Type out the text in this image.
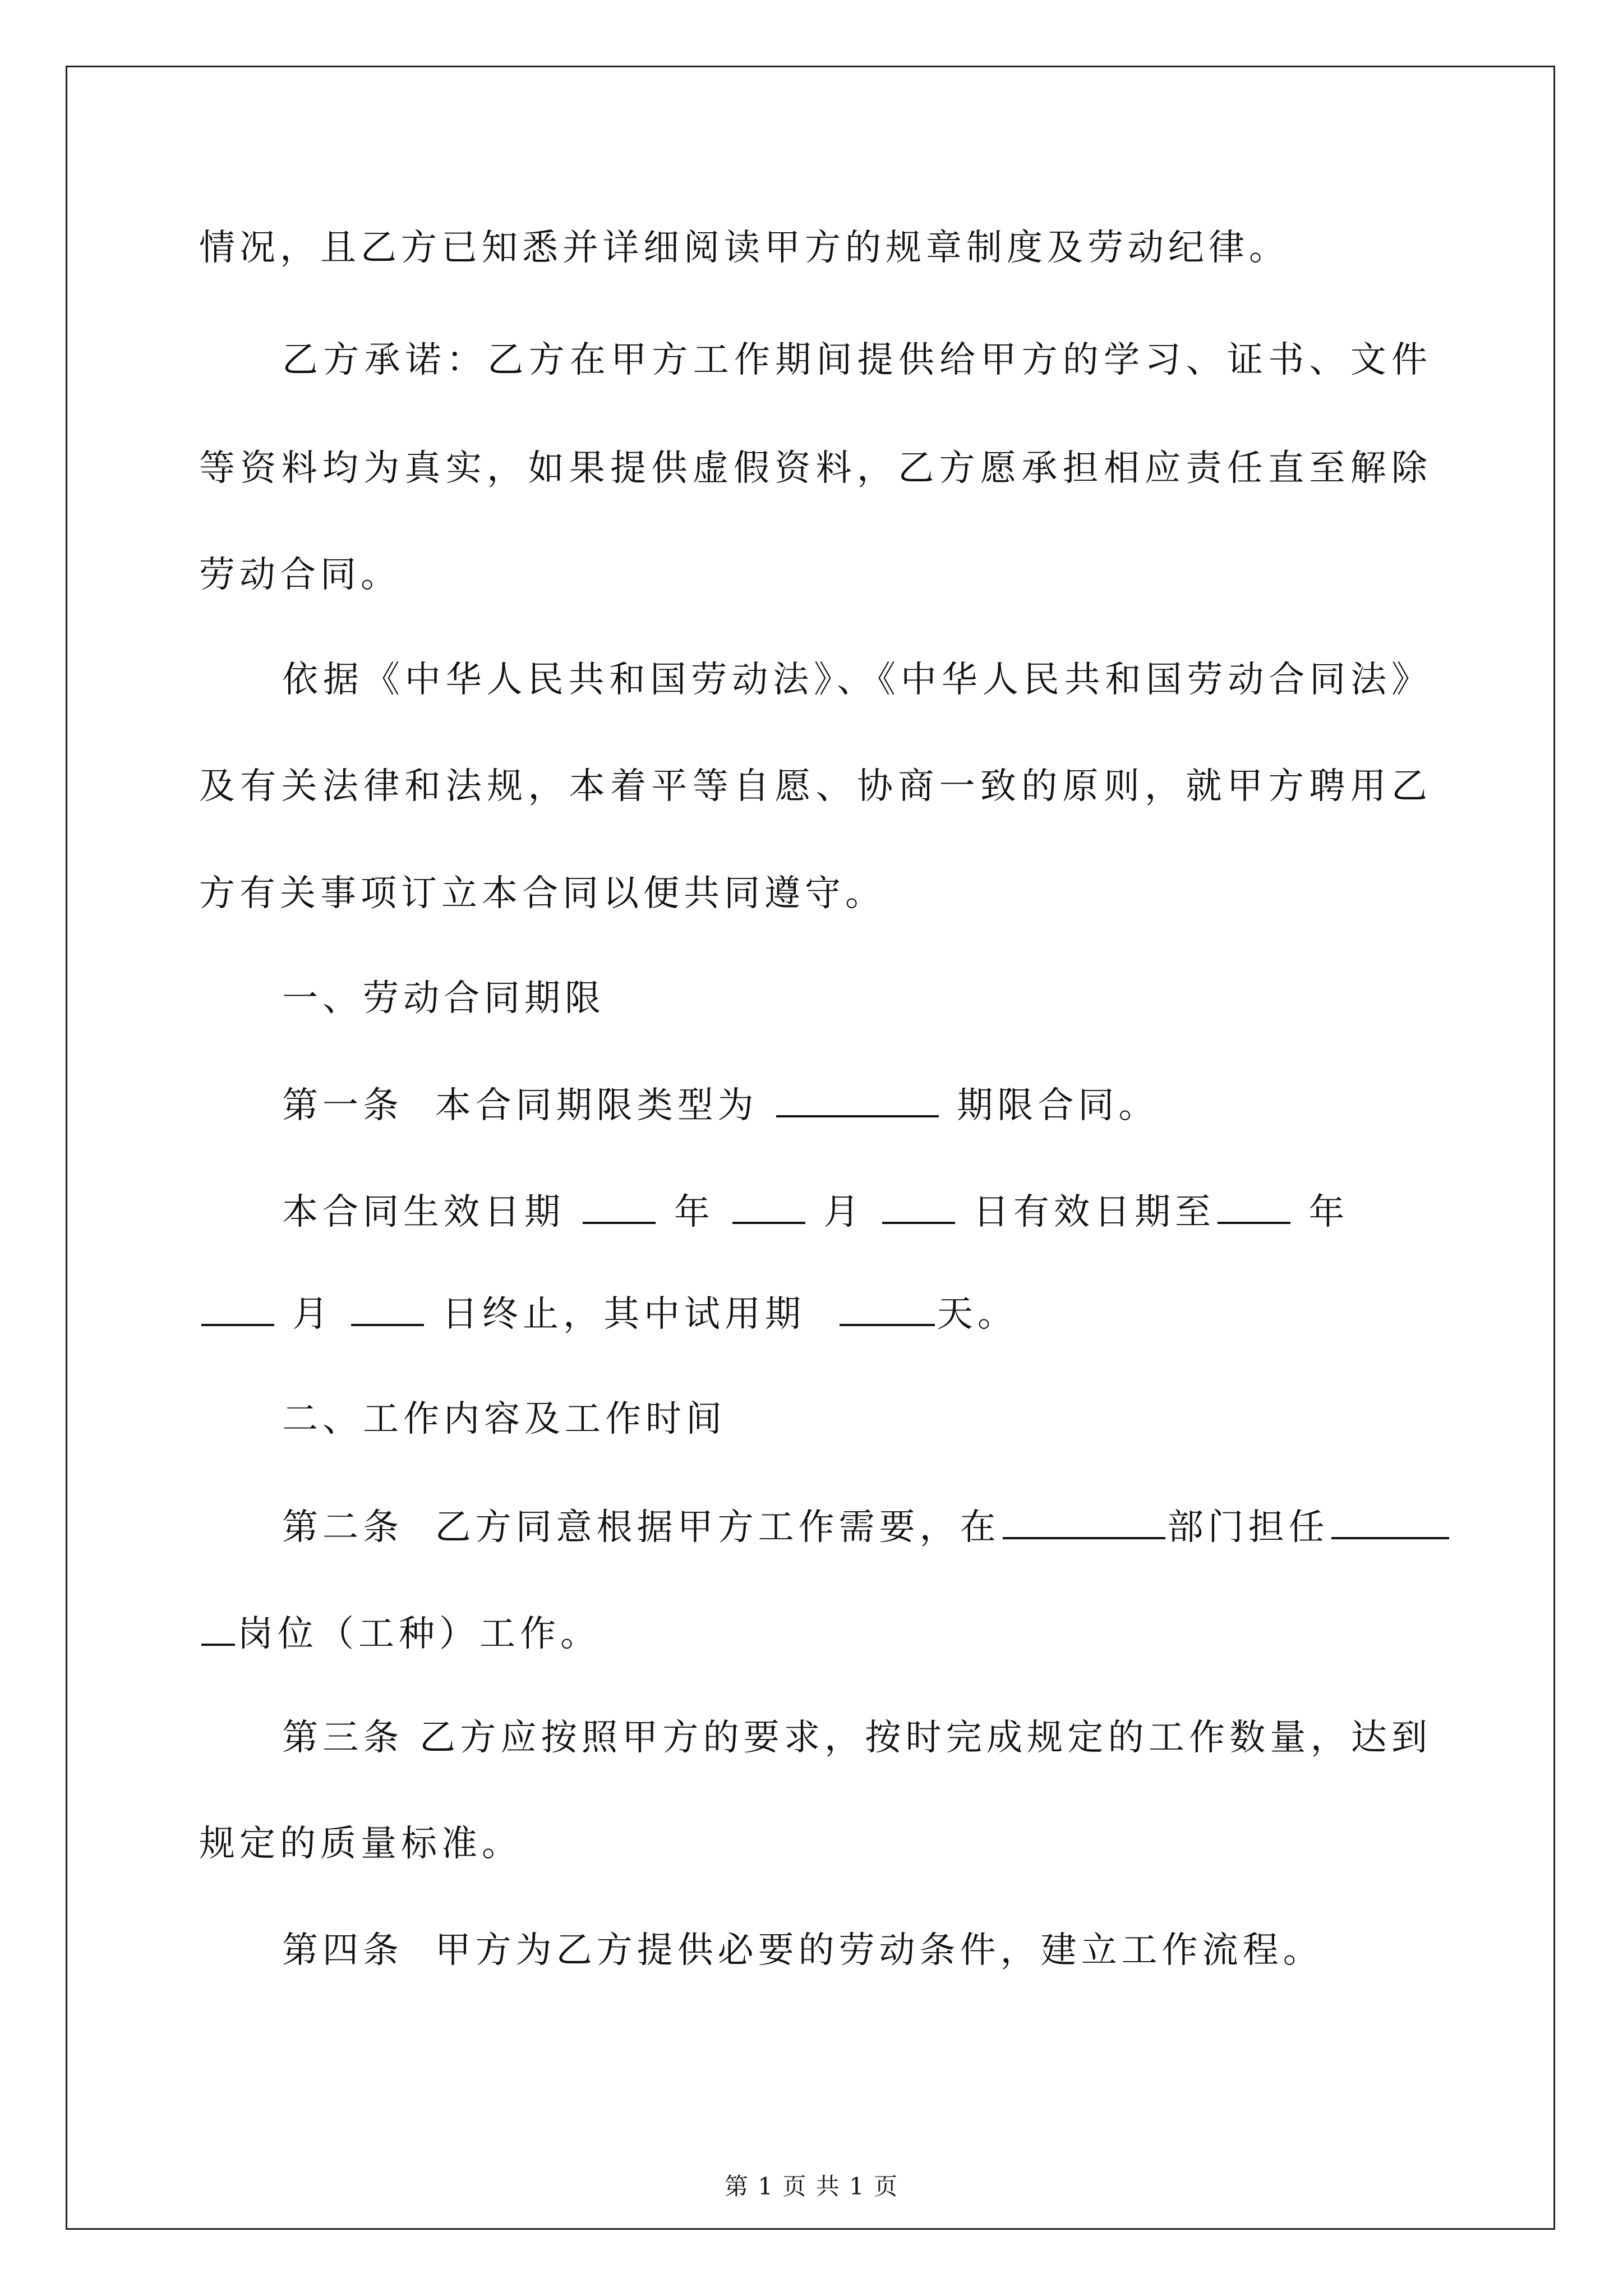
情况，且乙方已知悉并详细阅读甲方的规章制度及劳动纪律。

乙方承诺：乙方在甲方工作期间提供给甲方的学习、证书、文件

等资料均为真实，如果提供虚假资料，乙方愿承担相应责任直至解除

劳动合同。

依据《中华人民共和国劳动法》、《中华人民共和国劳动合同法》

及有关法律和法规，本着平等自愿、协商一致的原则，就甲方聘用乙

方有关事项订立本合同以便共同遵守。

一、劳动合同期限

第一条  本合同期限类型为	期限合同。

本合同生效日期  年  月  日有效日期至 年

月  日终止，其中试用期	天。

二、工作内容及工作时间

第二条  乙方同意根据甲方工作需要，在	部门担任

岗位（工种）工作。

第三条 乙方应按照甲方的要求，按时完成规定的工作数量，达到

规定的质量标准。

第四条  甲方为乙方提供必要的劳动条件，建立工作流程。

第 1 页 共 1 页
